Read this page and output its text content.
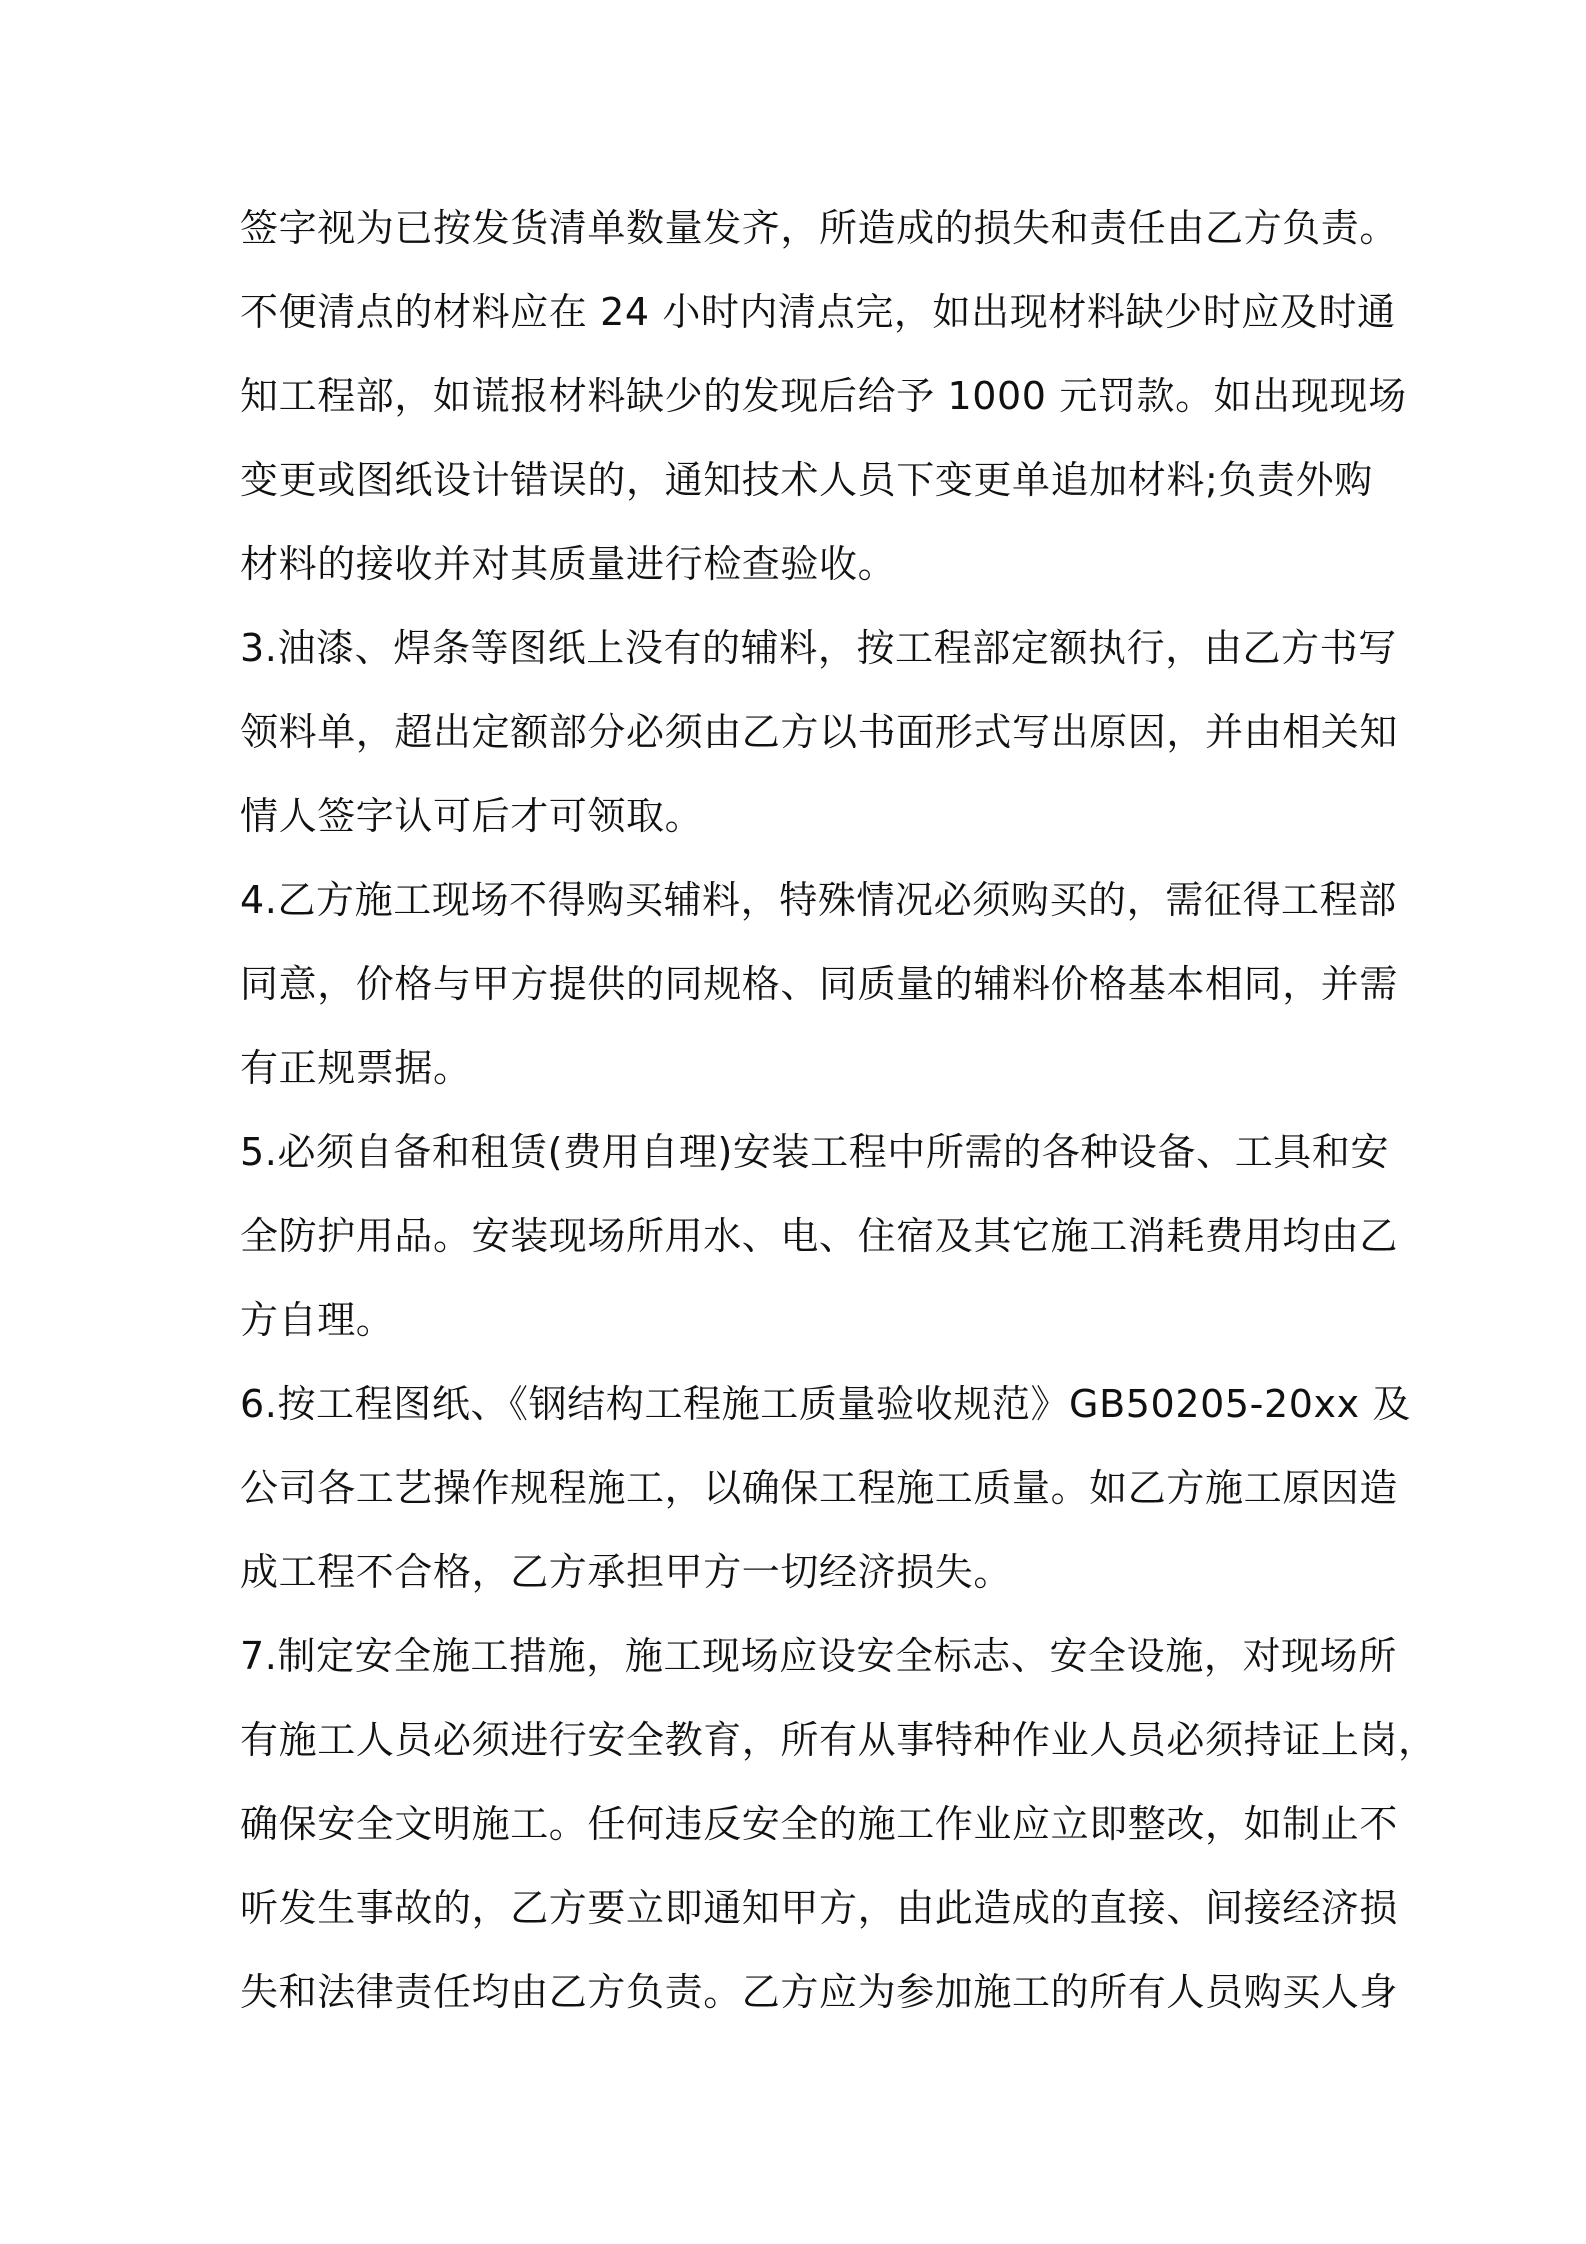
签字视为已按发货清单数量发齐，所造成的损失和责任由乙方负责。
不便清点的材料应在 24 小时内清点完，如出现材料缺少时应及时通
知工程部，如谎报材料缺少的发现后给予 1000 元罚款。如出现现场
变更或图纸设计错误的，通知技术人员下变更单追加材料;负责外购
材料的接收并对其质量进行检查验收。
3.油漆、焊条等图纸上没有的辅料，按工程部定额执行，由乙方书写
领料单，超出定额部分必须由乙方以书面形式写出原因，并由相关知
情人签字认可后才可领取。
4.乙方施工现场不得购买辅料，特殊情况必须购买的，需征得工程部
同意，价格与甲方提供的同规格、同质量的辅料价格基本相同，并需
有正规票据。
5.必须自备和租赁(费用自理)安装工程中所需的各种设备、工具和安
全防护用品。安装现场所用水、电、住宿及其它施工消耗费用均由乙
方自理。
6.按工程图纸、《钢结构工程施工质量验收规范》GB50205-20xx 及
公司各工艺操作规程施工，以确保工程施工质量。如乙方施工原因造
成工程不合格，乙方承担甲方一切经济损失。
7.制定安全施工措施，施工现场应设安全标志、安全设施，对现场所
有施工人员必须进行安全教育，所有从事特种作业人员必须持证上岗，
确保安全文明施工。任何违反安全的施工作业应立即整改，如制止不
听发生事故的，乙方要立即通知甲方，由此造成的直接、间接经济损
失和法律责任均由乙方负责。乙方应为参加施工的所有人员购买人身
